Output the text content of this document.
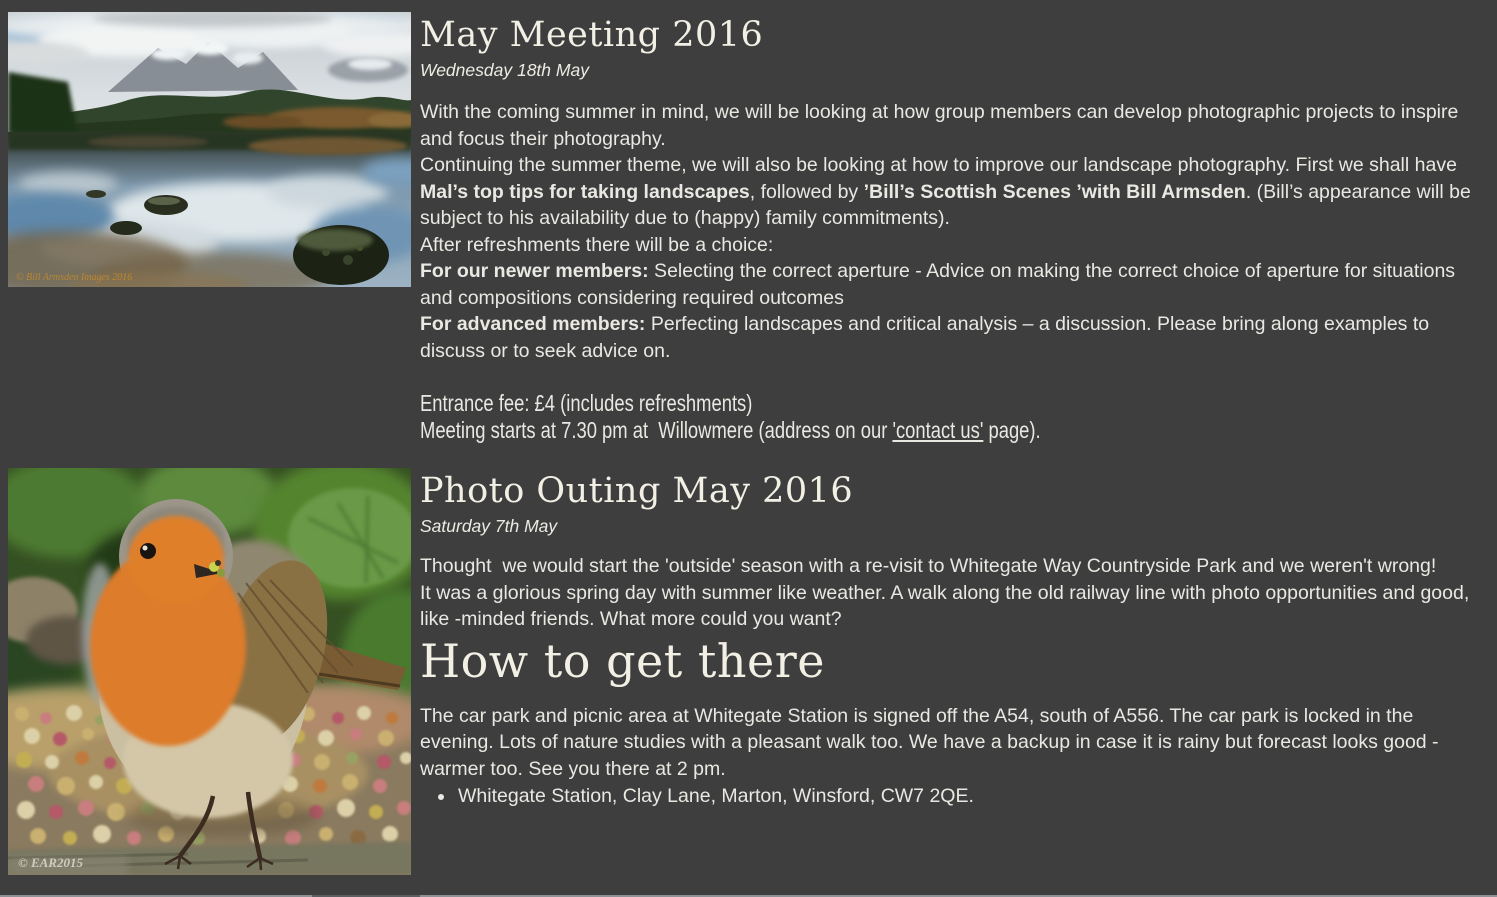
© Bill Armsden Images 2016
May Meeting 2016
Wednesday 18th May
With the coming summer in mind, we will be looking at how group members can develop photographic projects to inspire and focus their photography.
Continuing the summer theme, we will also be looking at how to improve our landscape photography. First we shall have Mal’s top tips for taking landscapes, followed by ’Bill’s Scottish Scenes ’with Bill Armsden. (Bill’s appearance will be subject to his availability due to (happy) family commitments).
After refreshments there will be a choice:
For our newer members: Selecting the correct aperture - Advice on making the correct choice of aperture for situations and compositions considering required outcomes
For advanced members: Perfecting landscapes and critical analysis – a discussion. Please bring along examples to discuss or to seek advice on.
Entrance fee: £4 (includes refreshments)
Meeting starts at 7.30 pm at  Willowmere (address on our 'contact us' page).
© EAR2015
Photo Outing May 2016
Saturday 7th May
Thought  we would start the 'outside' season with a re-visit to Whitegate Way Countryside Park and we weren't wrong!
It was a glorious spring day with summer like weather. A walk along the old railway line with photo opportunities and good, like -minded friends. What more could you want?
How to get there
The car park and picnic area at Whitegate Station is signed off the A54, south of A556. The car park is locked in the evening. Lots of nature studies with a pleasant walk too. We have a backup in case it is rainy but forecast looks good - warmer too. See you there at 2 pm.
• Whitegate Station, Clay Lane, Marton, Winsford, CW7 2QE.
